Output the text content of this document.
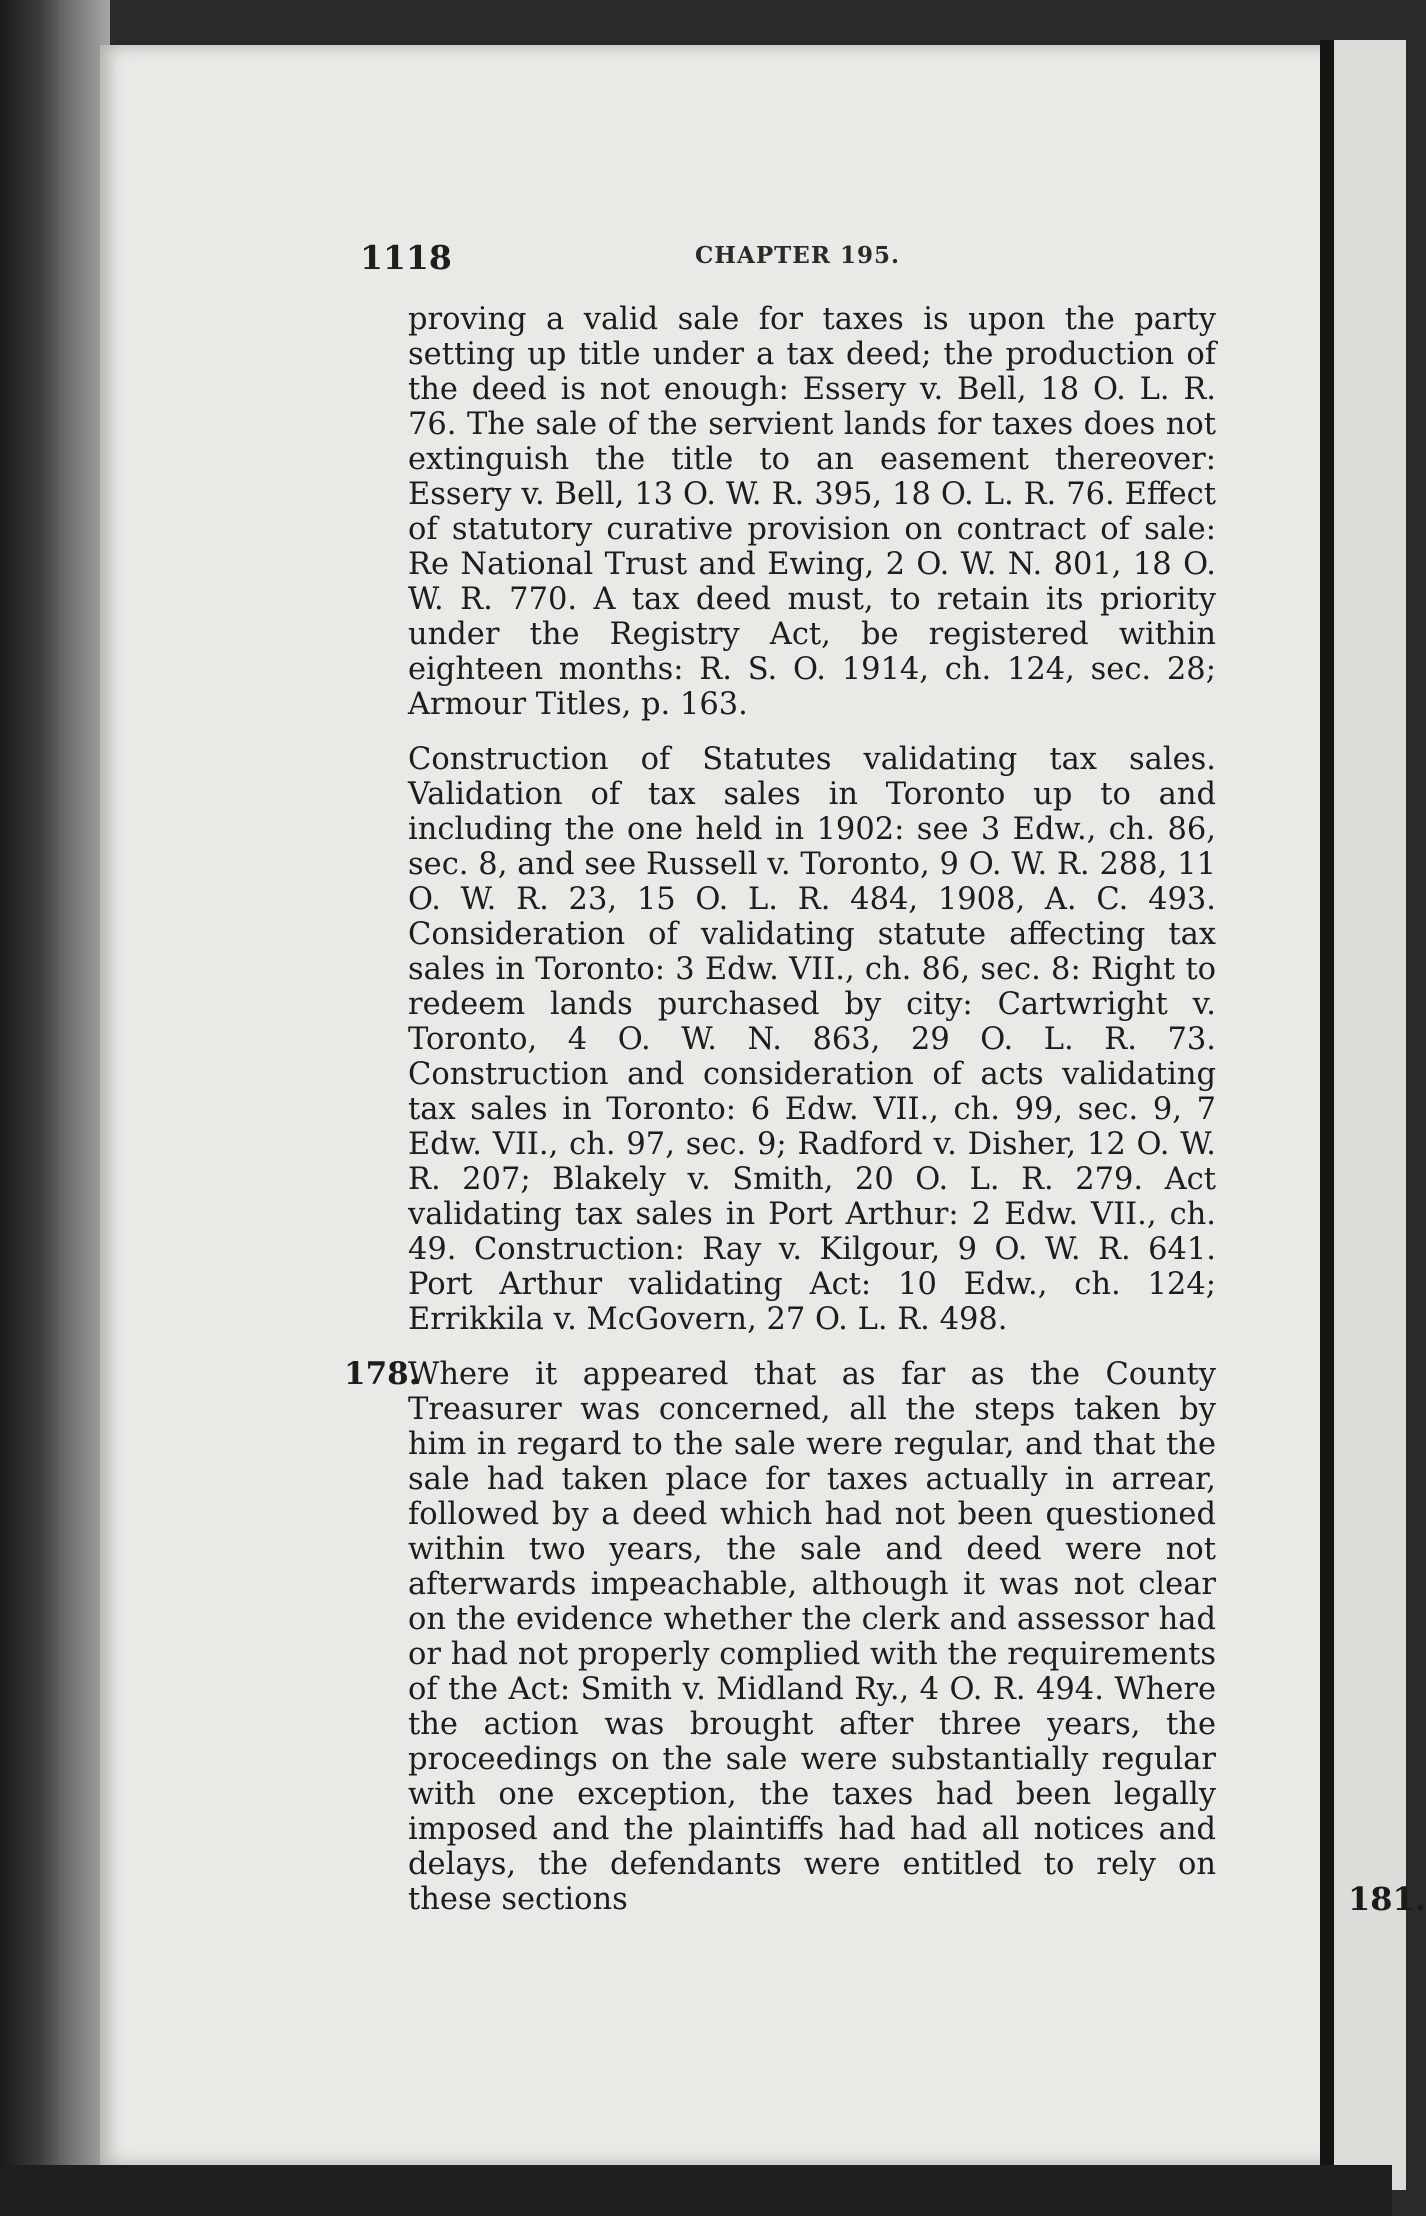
181.
1118	CHAPTER 195.

proving a valid sale for taxes is upon the party setting up title under a tax deed; the production of the deed is not enough: Essery v. Bell, 18 O. L. R. 76. The sale of the servient lands for taxes does not extinguish the title to an easement thereover: Essery v. Bell, 13 O. W. R. 395, 18 O. L. R. 76. Effect of statutory curative provision on contract of sale: Re National Trust and Ewing, 2 O. W. N. 801, 18 O. W. R. 770. A tax deed must, to retain its priority under the Registry Act, be registered within eighteen months: R. S. O. 1914, ch. 124, sec. 28; Armour Titles, p. 163.

Construction of Statutes validating tax sales. Validation of tax sales in Toronto up to and including the one held in 1902: see 3 Edw., ch. 86, sec. 8, and see Russell v. Toronto, 9 O. W. R. 288, 11 O. W. R. 23, 15 O. L. R. 484, 1908, A. C. 493. Consideration of validating statute affecting tax sales in Toronto: 3 Edw. VII., ch. 86, sec. 8: Right to redeem lands purchased by city: Cartwright v. Toronto, 4 O. W. N. 863, 29 O. L. R. 73. Construction and consideration of acts validating tax sales in Toronto: 6 Edw. VII., ch. 99, sec. 9, 7 Edw. VII., ch. 97, sec. 9; Radford v. Disher, 12 O. W. R. 207; Blakely v. Smith, 20 O. L. R. 279. Act validating tax sales in Port Arthur: 2 Edw. VII., ch. 49. Construction: Ray v. Kilgour, 9 O. W. R. 641. Port Arthur validating Act: 10 Edw., ch. 124; Errikkila v. McGovern, 27 O. L. R. 498.

178.

Where it appeared that as far as the County Treasurer was concerned, all the steps taken by him in regard to the sale were regular, and that the sale had taken place for taxes actually in arrear, followed by a deed which had not been questioned within two years, the sale and deed were not afterwards impeachable, although it was not clear on the evidence whether the clerk and assessor had or had not properly complied with the requirements of the Act: Smith v. Midland Ry., 4 O. R. 494. Where the action was brought after three years, the proceedings on the sale were substantially regular with one exception, the taxes had been legally imposed and the plaintiffs had had all notices and delays, the defendants were entitled to rely on these sections
